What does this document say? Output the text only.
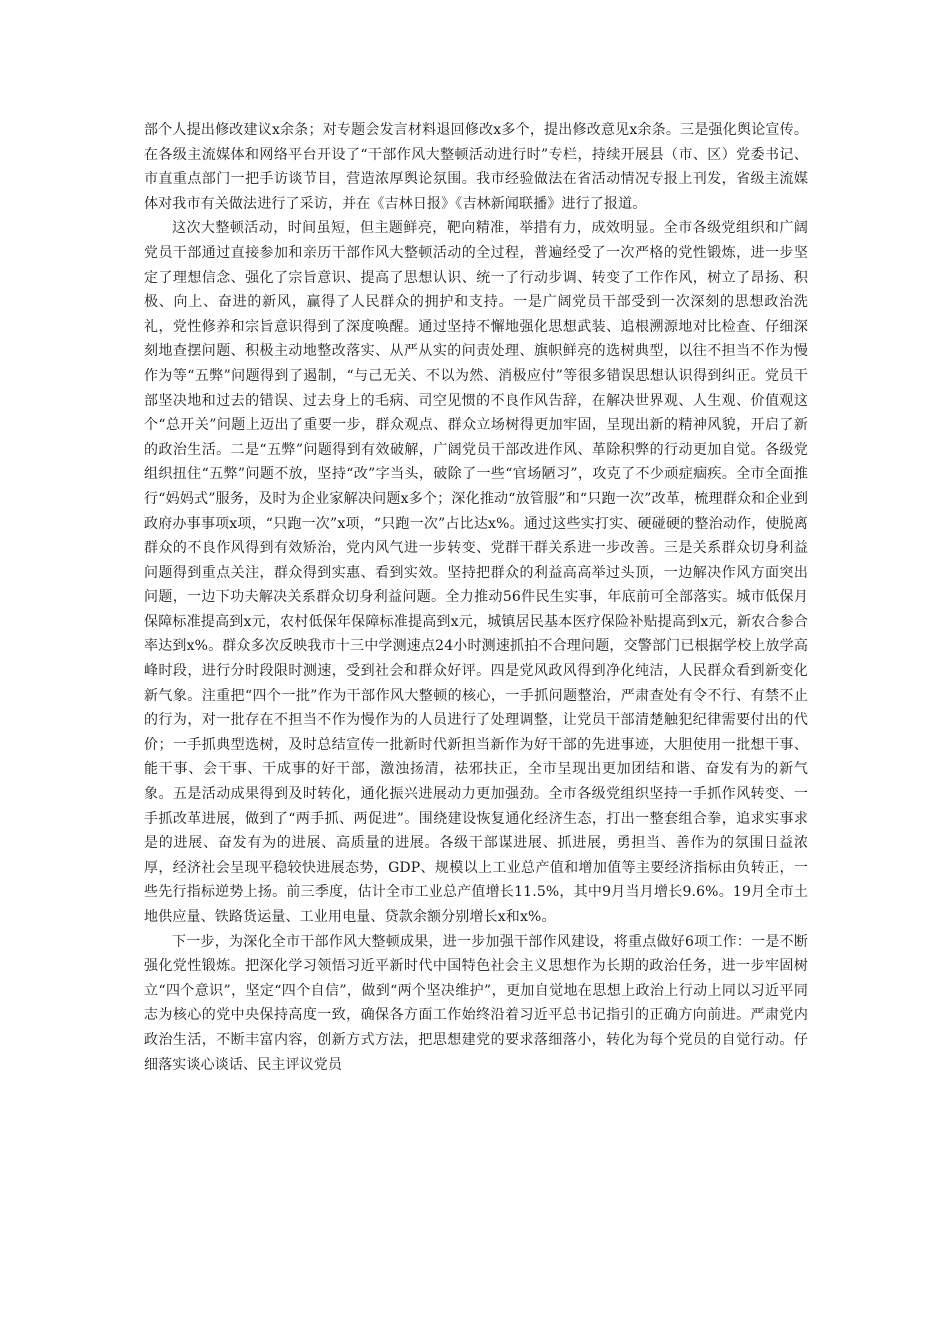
部个人提出修改建议x余条；对专题会发言材料退回修改x多个，提出修改意见x余条。三是强化舆论宣传。在各级主流媒体和网络平台开设了“干部作风大整顿活动进行时”专栏，持续开展县（市、区）党委书记、市直重点部门一把手访谈节目，营造浓厚舆论氛围。我市经验做法在省活动情况专报上刊发，省级主流媒体对我市有关做法进行了采访，并在《吉林日报》《吉林新闻联播》进行了报道。

这次大整顿活动，时间虽短，但主题鲜亮，靶向精准，举措有力，成效明显。全市各级党组织和广阔党员干部通过直接参加和亲历干部作风大整顿活动的全过程，普遍经受了一次严格的党性锻炼，进一步坚定了理想信念、强化了宗旨意识、提高了思想认识、统一了行动步调、转变了工作作风，树立了昂扬、积极、向上、奋进的新风，赢得了人民群众的拥护和支持。一是广阔党员干部受到一次深刻的思想政治洗礼，党性修养和宗旨意识得到了深度唤醒。通过坚持不懈地强化思想武装、追根溯源地对比检查、仔细深刻地查摆问题、积极主动地整改落实、从严从实的问责处理、旗帜鲜亮的选树典型，以往不担当不作为慢作为等“五弊”问题得到了遏制，“与己无关、不以为然、消极应付”等很多错误思想认识得到纠正。党员干部坚决地和过去的错误、过去身上的毛病、司空见惯的不良作风告辞，在解决世界观、人生观、价值观这个“总开关”问题上迈出了重要一步，群众观点、群众立场树得更加牢固，呈现出新的精神风貌，开启了新的政治生活。二是“五弊”问题得到有效破解，广阔党员干部改进作风、革除积弊的行动更加自觉。各级党组织扭住“五弊”问题不放，坚持“改”字当头，破除了一些“官场陋习”，攻克了不少顽症痼疾。全市全面推行“妈妈式”服务，及时为企业家解决问题x多个；深化推动“放管服”和“只跑一次”改革，梳理群众和企业到政府办事事项x项，“只跑一次”x项，“只跑一次”占比达x%。通过这些实打实、硬碰硬的整治动作，使脱离群众的不良作风得到有效矫治，党内风气进一步转变、党群干群关系进一步改善。三是关系群众切身利益问题得到重点关注，群众得到实惠、看到实效。坚持把群众的利益高高举过头顶，一边解决作风方面突出问题，一边下功夫解决关系群众切身利益问题。全力推动56件民生实事，年底前可全部落实。城市低保月保障标准提高到x元，农村低保年保障标准提高到x元，城镇居民基本医疗保险补贴提高到x元，新农合参合率达到x%。群众多次反映我市十三中学测速点24小时测速抓拍不合理问题，交警部门已根据学校上放学高峰时段，进行分时段限时测速，受到社会和群众好评。四是党风政风得到净化纯洁，人民群众看到新变化新气象。注重把“四个一批”作为干部作风大整顿的核心，一手抓问题整治，严肃查处有令不行、有禁不止的行为，对一批存在不担当不作为慢作为的人员进行了处理调整，让党员干部清楚触犯纪律需要付出的代价；一手抓典型选树，及时总结宣传一批新时代新担当新作为好干部的先进事迹，大胆使用一批想干事、能干事、会干事、干成事的好干部，激浊扬清，祛邪扶正，全市呈现出更加团结和谐、奋发有为的新气象。五是活动成果得到及时转化，通化振兴进展动力更加强劲。全市各级党组织坚持一手抓作风转变、一手抓改革进展，做到了“两手抓、两促进”。围绕建设恢复通化经济生态，打出一整套组合拳，追求实事求是的进展、奋发有为的进展、高质量的进展。各级干部谋进展、抓进展，勇担当、善作为的氛围日益浓厚，经济社会呈现平稳较快进展态势，GDP、规模以上工业总产值和增加值等主要经济指标由负转正，一些先行指标逆势上扬。前三季度，估计全市工业总产值增长11.5%，其中9月当月增长9.6%。19月全市土地供应量、铁路货运量、工业用电量、贷款余额分别增长x和x%。

下一步，为深化全市干部作风大整顿成果，进一步加强干部作风建设，将重点做好6项工作：一是不断强化党性锻炼。把深化学习领悟习近平新时代中国特色社会主义思想作为长期的政治任务，进一步牢固树立“四个意识”，坚定“四个自信”，做到“两个坚决维护”，更加自觉地在思想上政治上行动上同以习近平同志为核心的党中央保持高度一致，确保各方面工作始终沿着习近平总书记指引的正确方向前进。严肃党内政治生活，不断丰富内容，创新方式方法，把思想建党的要求落细落小，转化为每个党员的自觉行动。仔细落实谈心谈话、民主评议党员
